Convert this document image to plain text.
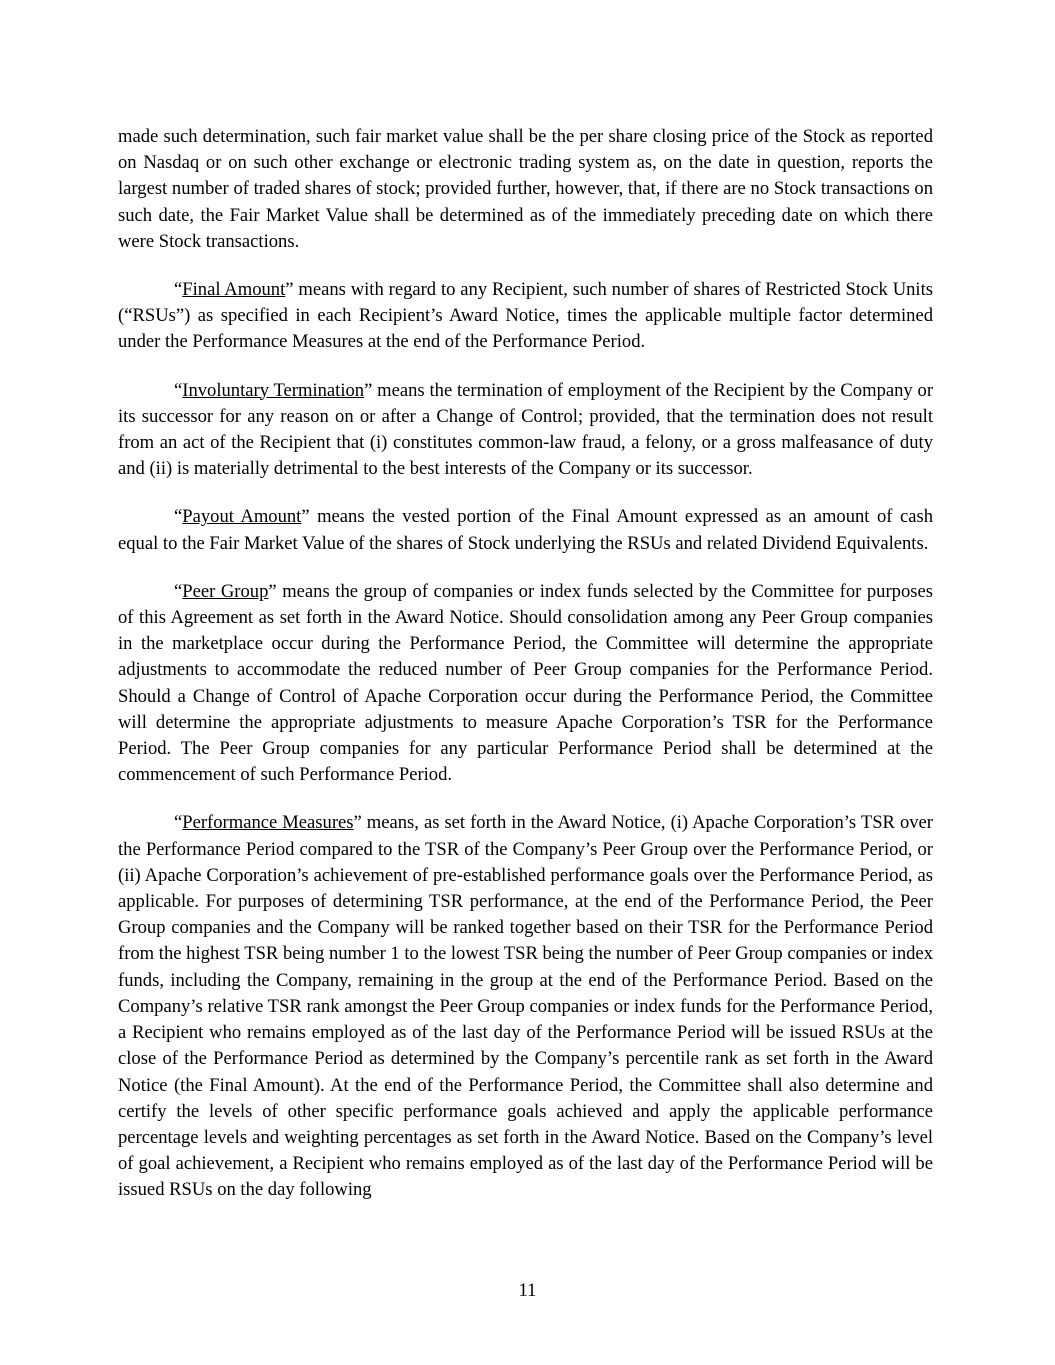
made such determination, such fair market value shall be the per share closing price of the Stock as reported on Nasdaq or on such other exchange or electronic trading system as, on the date in question, reports the largest number of traded shares of stock; provided further, however, that, if there are no Stock transactions on such date, the Fair Market Value shall be determined as of the immediately preceding date on which there were Stock transactions.

“Final Amount” means with regard to any Recipient, such number of shares of Restricted Stock Units (“RSUs”) as specified in each Recipient’s Award Notice, times the applicable multiple factor determined under the Performance Measures at the end of the Performance Period.

“Involuntary Termination” means the termination of employment of the Recipient by the Company or its successor for any reason on or after a Change of Control; provided, that the termination does not result from an act of the Recipient that (i) constitutes common-law fraud, a felony, or a gross malfeasance of duty and (ii) is materially detrimental to the best interests of the Company or its successor.

“Payout Amount” means the vested portion of the Final Amount expressed as an amount of cash equal to the Fair Market Value of the shares of Stock underlying the RSUs and related Dividend Equivalents.

“Peer Group” means the group of companies or index funds selected by the Committee for purposes of this Agreement as set forth in the Award Notice. Should consolidation among any Peer Group companies in the marketplace occur during the Performance Period, the Committee will determine the appropriate adjustments to accommodate the reduced number of Peer Group companies for the Performance Period. Should a Change of Control of Apache Corporation occur during the Performance Period, the Committee will determine the appropriate adjustments to measure Apache Corporation’s TSR for the Performance Period. The Peer Group companies for any particular Performance Period shall be determined at the commencement of such Performance Period.

“Performance Measures” means, as set forth in the Award Notice, (i) Apache Corporation’s TSR over the Performance Period compared to the TSR of the Company’s Peer Group over the Performance Period, or (ii) Apache Corporation’s achievement of pre-established performance goals over the Performance Period, as applicable. For purposes of determining TSR performance, at the end of the Performance Period, the Peer Group companies and the Company will be ranked together based on their TSR for the Performance Period from the highest TSR being number 1 to the lowest TSR being the number of Peer Group companies or index funds, including the Company, remaining in the group at the end of the Performance Period. Based on the Company’s relative TSR rank amongst the Peer Group companies or index funds for the Performance Period, a Recipient who remains employed as of the last day of the Performance Period will be issued RSUs at the close of the Performance Period as determined by the Company’s percentile rank as set forth in the Award Notice (the Final Amount). At the end of the Performance Period, the Committee shall also determine and certify the levels of other specific performance goals achieved and apply the applicable performance percentage levels and weighting percentages as set forth in the Award Notice. Based on the Company’s level of goal achievement, a Recipient who remains employed as of the last day of the Performance Period will be issued RSUs on the day following

11
